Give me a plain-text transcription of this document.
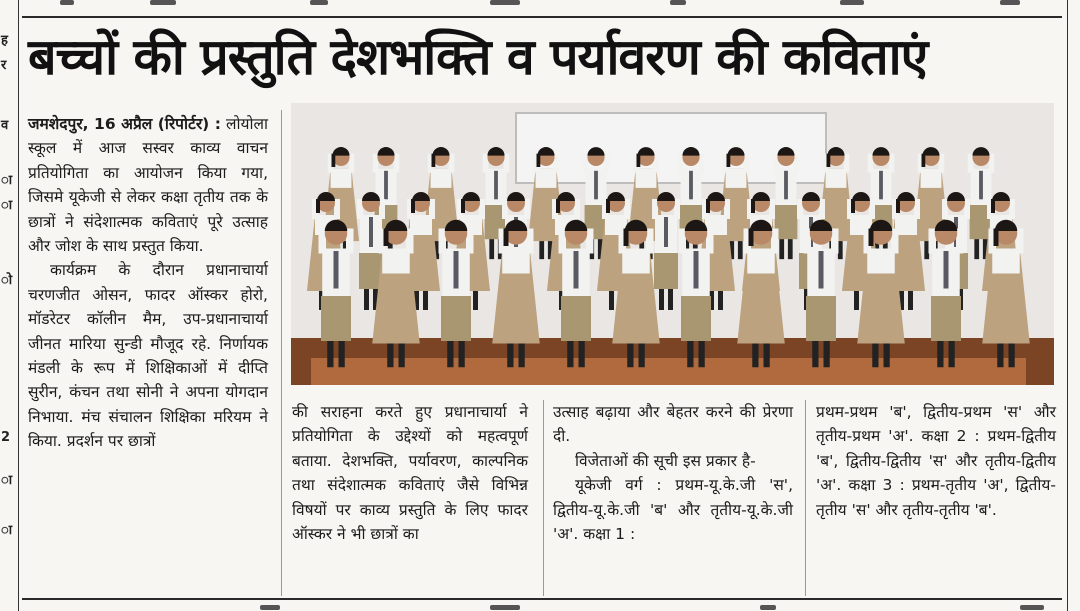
ह
र
व
ा
ा
ो
2
ा
ा
बच्चों की प्रस्तुति देशभक्ति व पर्यावरण की कविताएं

जमशेदपुर, 16 अप्रैल (रिपोर्टर) : लोयोला स्कूल में आज सस्वर काव्य वाचन प्रतियोगिता का आयोजन किया गया, जिसमे यूकेजी से लेकर कक्षा तृतीय तक के छात्रों ने संदेशात्मक कविताएं पूरे उत्साह और जोश के साथ प्रस्तुत किया.

कार्यक्रम के दौरान प्रधानाचार्या चरणजीत ओसन, फादर ऑस्कर होरो, मॉडरेटर कॉलीन मैम, उप-प्रधानाचार्या जीनत मारिया सुन्डी मौजूद रहे. निर्णायक मंडली के रूप में शिक्षिकाओं में दीप्ति सुरीन, कंचन तथा सोनी ने अपना योगदान निभाया. मंच संचालन शिक्षिका मरियम ने किया. प्रदर्शन पर छात्रों

की सराहना करते हुए प्रधानाचार्या ने प्रतियोगिता के उद्देश्यों को महत्वपूर्ण बताया. देशभक्ति, पर्यावरण, काल्पनिक तथा संदेशात्मक कविताएं जैसे विभिन्न विषयों पर काव्य प्रस्तुति के लिए फादर ऑस्कर ने भी छात्रों का

उत्साह बढ़ाया और बेहतर करने की प्रेरणा दी.

विजेताओं की सूची इस प्रकार है-

यूकेजी वर्ग : प्रथम-यू.के.जी 'स', द्वितीय-यू.के.जी 'ब' और तृतीय-यू.के.जी 'अ'. कक्षा 1 :

प्रथम-प्रथम 'ब', द्वितीय-प्रथम 'स' और तृतीय-प्रथम 'अ'. कक्षा 2 : प्रथम-द्वितीय 'ब', द्वितीय-द्वितीय 'स' और तृतीय-द्वितीय 'अ'. कक्षा 3 : प्रथम-तृतीय 'अ', द्वितीय-तृतीय 'स' और तृतीय-तृतीय 'ब'.
